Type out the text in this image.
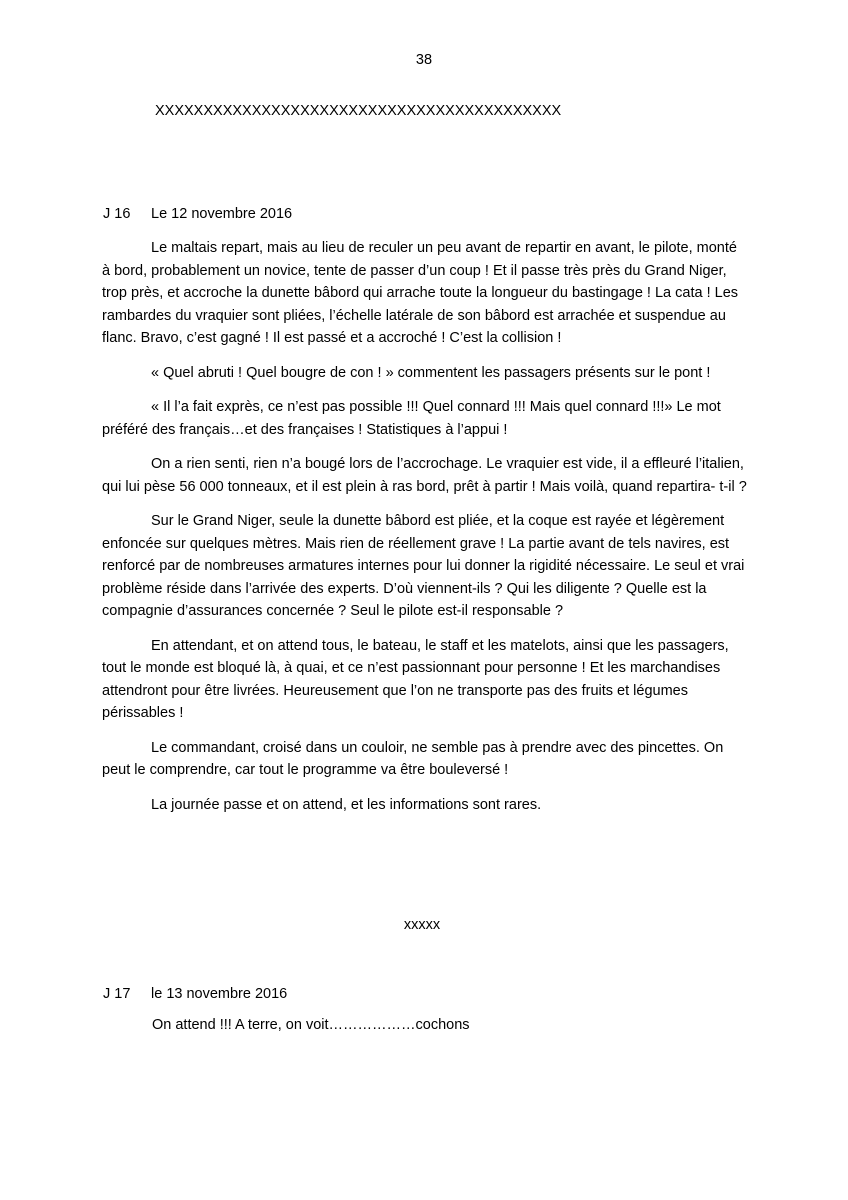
38
XXXXXXXXXXXXXXXXXXXXXXXXXXXXXXXXXXXXXXXXXX
J 16 Le 12 novembre 2016

Le maltais repart, mais au lieu de reculer un peu avant de repartir en avant, le pilote, monté à bord, probablement un novice, tente de passer d’un coup ! Et il passe très près du Grand Niger, trop près, et accroche la dunette bâbord qui arrache toute la longueur du bastingage ! La cata ! Les rambardes du vraquier sont pliées, l’échelle latérale de son bâbord est arrachée et suspendue au flanc. Bravo, c’est gagné ! Il est passé et a accroché ! C’est la collision !

« Quel abruti ! Quel bougre de con ! » commentent les passagers présents sur le pont !

« Il l’a fait exprès, ce n’est pas possible !!! Quel connard !!! Mais quel connard !!!» Le mot préféré des français…et des françaises ! Statistiques à l’appui !

On a rien senti, rien n’a bougé lors de l’accrochage. Le vraquier est vide, il a effleuré l’italien, qui lui pèse 56 000 tonneaux, et il est plein à ras bord, prêt à partir ! Mais voilà, quand repartira- t-il ?

Sur le Grand Niger, seule la dunette bâbord est pliée, et la coque est rayée et légèrement enfoncée sur quelques mètres. Mais rien de réellement grave ! La partie avant de tels navires, est renforcé par de nombreuses armatures internes pour lui donner la rigidité nécessaire. Le seul et vrai problème réside dans l’arrivée des experts. D’où viennent-ils ? Qui les diligente ? Quelle est la compagnie d’assurances concernée ? Seul le pilote est-il responsable ?

En attendant, et on attend tous, le bateau, le staff et les matelots, ainsi que les passagers, tout le monde est bloqué là, à quai, et ce n’est passionnant pour personne ! Et les marchandises attendront pour être livrées. Heureusement que l’on ne transporte pas des fruits et légumes périssables !

Le commandant, croisé dans un couloir, ne semble pas à prendre avec des pincettes. On peut le comprendre, car tout le programme va être bouleversé !

La journée passe et on attend, et les informations sont rares.

xxxxx
J 17 le 13 novembre 2016
On attend !!! A terre, on voit………………cochons
